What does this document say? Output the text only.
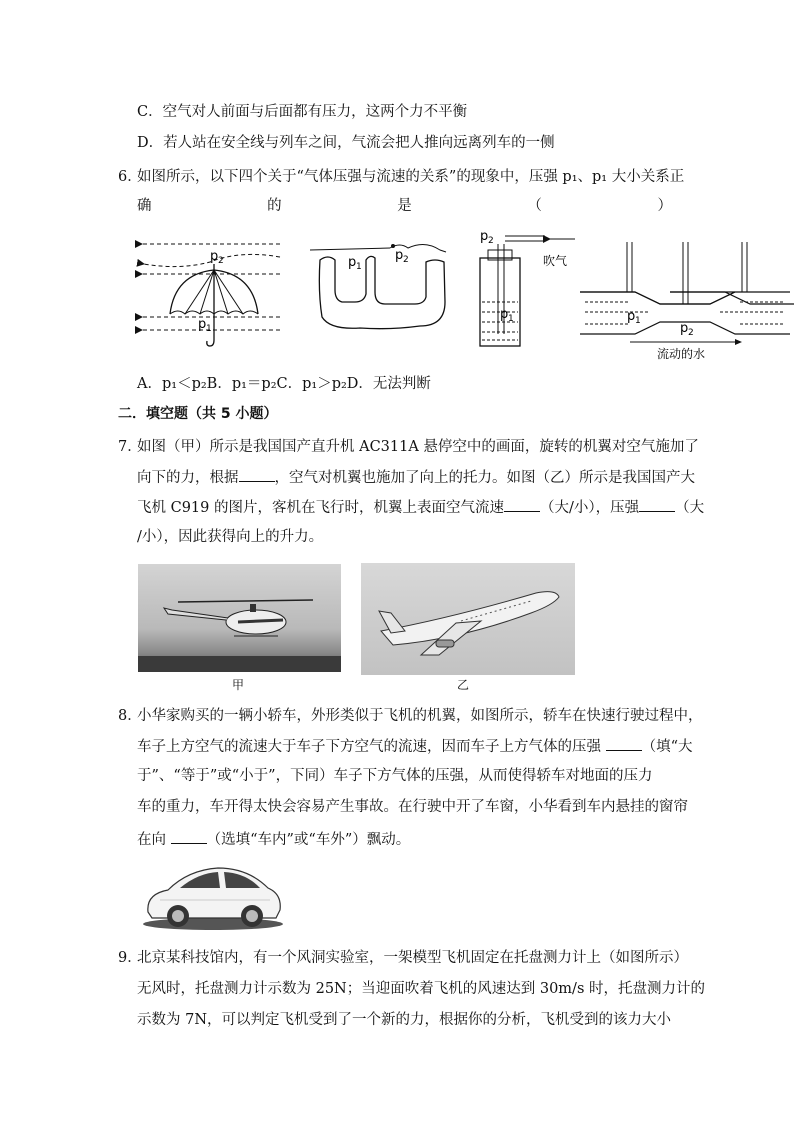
C．空气对人前面与后面都有压力，这两个力不平衡
D．若人站在安全线与列车之间，气流会把人推向远离列车的一侧
6．
如图所示，以下四个关于“气体压强与流速的关系”的现象中，压强 p₁、p₁ 大小关系正
确	的	是	（	）
p 2
p 1
p 1
p 2
p 2
p 1
吹气
p 1	p 2
流动的水
A．p₁＜p₂B．p₁＝p₂C．p₁＞p₂D．无法判断
二．填空题（共 5 小题）
7．
如图（甲）所示是我国国产直升机 AC311A 悬停空中的画面，旋转的机翼对空气施加了
向下的力，根据 ，空气对机翼也施加了向上的托力。如图（乙）所示是我国国产大
飞机 C919 的图片，客机在飞行时，机翼上表面空气流速 （大/小），压强 （大
/小），因此获得向上的升力。
甲	乙
8．
小华家购买的一辆小轿车，外形类似于飞机的机翼，如图所示，轿车在快速行驶过程中，
车子上方空气的流速大于车子下方空气的流速，因而车子上方气体的压强 （填“大
于”、“等于”或“小于”，下同）车子下方气体的压强，从而使得轿车对地面的压力
车的重力，车开得太快会容易产生事故。在行驶中开了车窗，小华看到车内悬挂的窗帘
在向 （选填“车内”或“车外”）飘动。
9．
北京某科技馆内，有一个风洞实验室，一架模型飞机固定在托盘测力计上（如图所示）
无风时，托盘测力计示数为 25N；当迎面吹着飞机的风速达到 30m/s 时，托盘测力计的
示数为 7N，可以判定飞机受到了一个新的力，根据你的分析，飞机受到的该力大小
